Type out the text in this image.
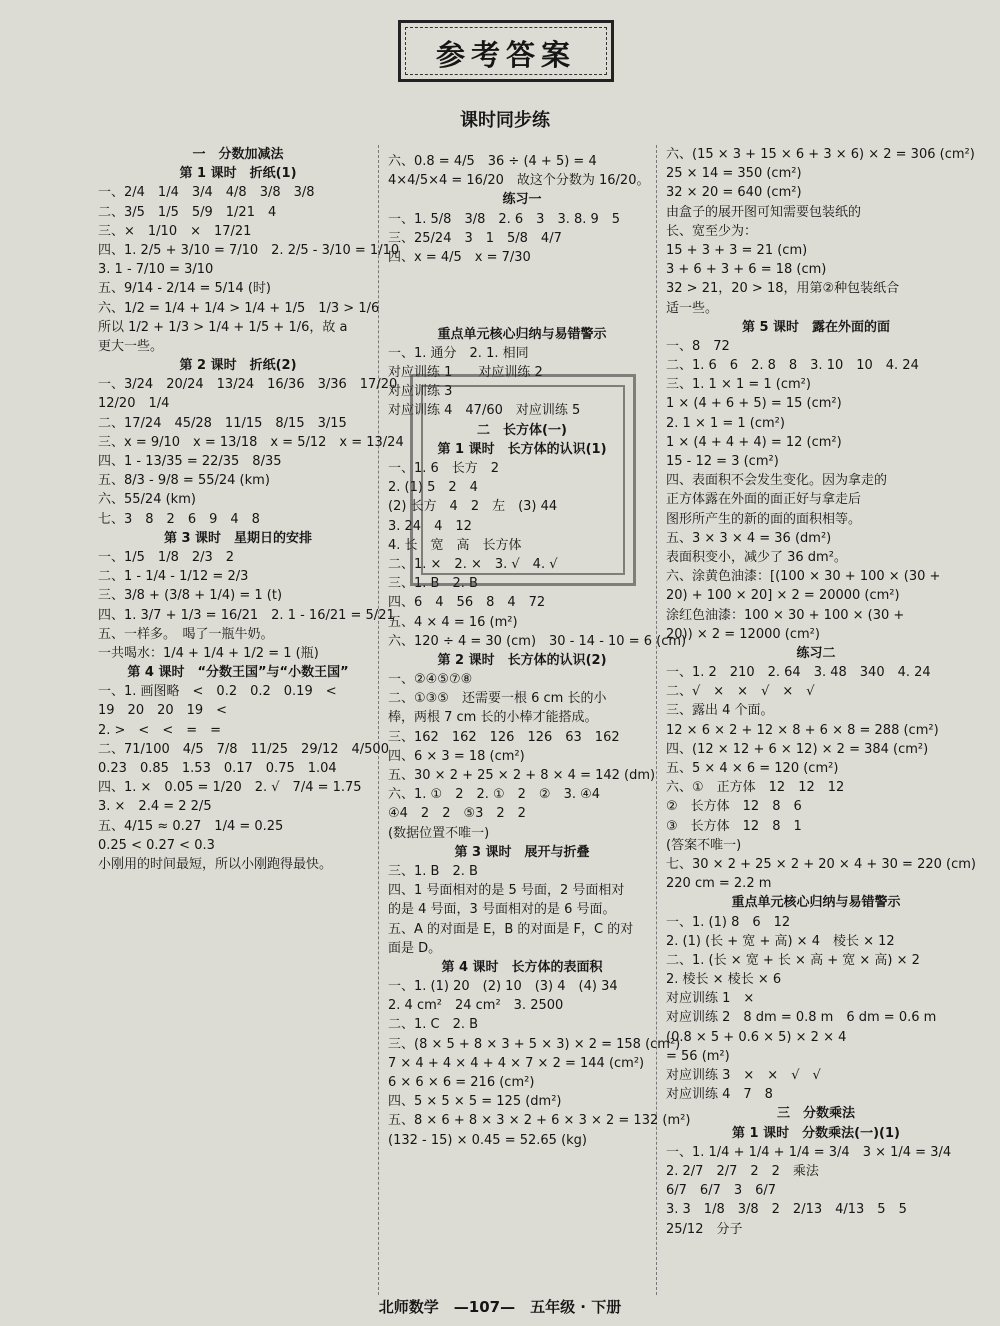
参考答案
课时同步练
一　分数加减法
第 1 课时　折纸(1)
一、2/4　1/4　3/4　4/8　3/8　3/8
二、3/5　1/5　5/9　1/21　4
三、×　1/10　×　17/21
四、1. 2/5 + 3/10 = 7/10　2. 2/5 - 3/10 = 1/10
3. 1 - 7/10 = 3/10
五、9/14 - 2/14 = 5/14 (时)
六、1/2 = 1/4 + 1/4 > 1/4 + 1/5　1/3 > 1/6
所以 1/2 + 1/3 > 1/4 + 1/5 + 1/6，故 a
更大一些。
第 2 课时　折纸(2)
一、3/24　20/24　13/24　16/36　3/36　17/20
12/20　1/4
二、17/24　45/28　11/15　8/15　3/15
三、x = 9/10　x = 13/18　x = 5/12　x = 13/24
四、1 - 13/35 = 22/35　8/35
五、8/3 - 9/8 = 55/24 (km)
六、55/24 (km)
七、3　8　2　6　9　4　8
第 3 课时　星期日的安排
一、1/5　1/8　2/3　2
二、1 - 1/4 - 1/12 = 2/3
三、3/8 + (3/8 + 1/4) = 1 (t)
四、1. 3/7 + 1/3 = 16/21　2. 1 - 16/21 = 5/21
五、一样多。　喝了一瓶牛奶。
一共喝水：1/4 + 1/4 + 1/2 = 1 (瓶)
第 4 课时　“分数王国”与“小数王国”
一、1. 画图略　<　0.2　0.2　0.19　<
19　20　20　19　<
2. >　<　<　=　=
二、71/100　4/5　7/8　11/25　29/12　4/500
0.23　0.85　1.53　0.17　0.75　1.04
四、1. ×　0.05 = 1/20　2. √　7/4 = 1.75
3. ×　2.4 = 2 2/5
五、4/15 ≈ 0.27　1/4 = 0.25
0.25 < 0.27 < 0.3
小刚用的时间最短，所以小刚跑得最快。
六、0.8 = 4/5　36 ÷ (4 + 5) = 4
4×4/5×4 = 16/20　故这个分数为 16/20。
练习一
一、1. 5/8　3/8　2. 6　3　3. 8. 9　5
三、25/24　3　1　5/8　4/7
四、x = 4/5　x = 7/30
重点单元核心归纳与易错警示
一、1. 通分　2. 1. 相同
对应训练 1　　对应训练 2
对应训练 3
对应训练 4　47/60　对应训练 5
二　长方体(一)
第 1 课时　长方体的认识(1)
一、1. 6　长方　2
2. (1) 5　2　4
(2) 长方　4　2　左　(3) 44
3. 24　4　12
4. 长　宽　高　长方体
二、1. ×　2. ×　3. √　4. √
三、1. B　2. B
四、6　4　56　8　4　72
五、4 × 4 = 16 (m²)
六、120 ÷ 4 = 30 (cm)　30 - 14 - 10 = 6 (cm)
第 2 课时　长方体的认识(2)
一、②④⑤⑦⑧
二、①③⑤　还需要一根 6 cm 长的小
棒，两根 7 cm 长的小棒才能搭成。
三、162　162　126　126　63　162
四、6 × 3 = 18 (cm²)
五、30 × 2 + 25 × 2 + 8 × 4 = 142 (dm)
六、1. ①　2　2. ①　2　②　3. ④4
④4　2　2　⑤3　2　2
(数据位置不唯一)
第 3 课时　展开与折叠
三、1. B　2. B
四、1 号面相对的是 5 号面，2 号面相对
的是 4 号面，3 号面相对的是 6 号面。
五、A 的对面是 E，B 的对面是 F，C 的对
面是 D。
第 4 课时　长方体的表面积
一、1. (1) 20　(2) 10　(3) 4　(4) 34
2. 4 cm²　24 cm²　3. 2500
二、1. C　2. B
三、(8 × 5 + 8 × 3 + 5 × 3) × 2 = 158 (cm²)
7 × 4 + 4 × 4 + 4 × 7 × 2 = 144 (cm²)
6 × 6 × 6 = 216 (cm²)
四、5 × 5 × 5 = 125 (dm²)
五、8 × 6 + 8 × 3 × 2 + 6 × 3 × 2 = 132 (m²)
(132 - 15) × 0.45 = 52.65 (kg)
六、(15 × 3 + 15 × 6 + 3 × 6) × 2 = 306 (cm²)
25 × 14 = 350 (cm²)
32 × 20 = 640 (cm²)
由盒子的展开图可知需要包装纸的
长、宽至少为：
15 + 3 + 3 = 21 (cm)
3 + 6 + 3 + 6 = 18 (cm)
32 > 21，20 > 18，用第②种包装纸合
适一些。
第 5 课时　露在外面的面
一、8　72
二、1. 6　6　2. 8　8　3. 10　10　4. 24
三、1. 1 × 1 = 1 (cm²)
1 × (4 + 6 + 5) = 15 (cm²)
2. 1 × 1 = 1 (cm²)
1 × (4 + 4 + 4) = 12 (cm²)
15 - 12 = 3 (cm²)
四、表面积不会发生变化。因为拿走的
正方体露在外面的面正好与拿走后
图形所产生的新的面的面积相等。
五、3 × 3 × 4 = 36 (dm²)
表面积变小，减少了 36 dm²。
六、涂黄色油漆：[(100 × 30 + 100 × (30 +
20) + 100 × 20] × 2 = 20000 (cm²)
涂红色油漆：100 × 30 + 100 × (30 +
20)) × 2 = 12000 (cm²)
练习二
一、1. 2　210　2. 64　3. 48　340　4. 24
二、√　×　×　√　×　√
三、露出 4 个面。
12 × 6 × 2 + 12 × 8 + 6 × 8 = 288 (cm²)
四、(12 × 12 + 6 × 12) × 2 = 384 (cm²)
五、5 × 4 × 6 = 120 (cm²)
六、①　正方体　12　12　12
②　长方体　12　8　6
③　长方体　12　8　1
(答案不唯一)
七、30 × 2 + 25 × 2 + 20 × 4 + 30 = 220 (cm)
220 cm = 2.2 m
重点单元核心归纳与易错警示
一、1. (1) 8　6　12
2. (1) (长 + 宽 + 高) × 4　棱长 × 12
二、1. (长 × 宽 + 长 × 高 + 宽 × 高) × 2
2. 棱长 × 棱长 × 6
对应训练 1　×
对应训练 2　8 dm = 0.8 m　6 dm = 0.6 m
(0.8 × 5 + 0.6 × 5) × 2 × 4
= 56 (m²)
对应训练 3　×　×　√　√
对应训练 4　7　8
三　分数乘法
第 1 课时　分数乘法(一)(1)
一、1. 1/4 + 1/4 + 1/4 = 3/4　3 × 1/4 = 3/4
2. 2/7　2/7　2　2　乘法
6/7　6/7　3　6/7
3. 3　1/8　3/8　2　2/13　4/13　5　5
25/12　分子
北师数学　—107—　五年级 · 下册
